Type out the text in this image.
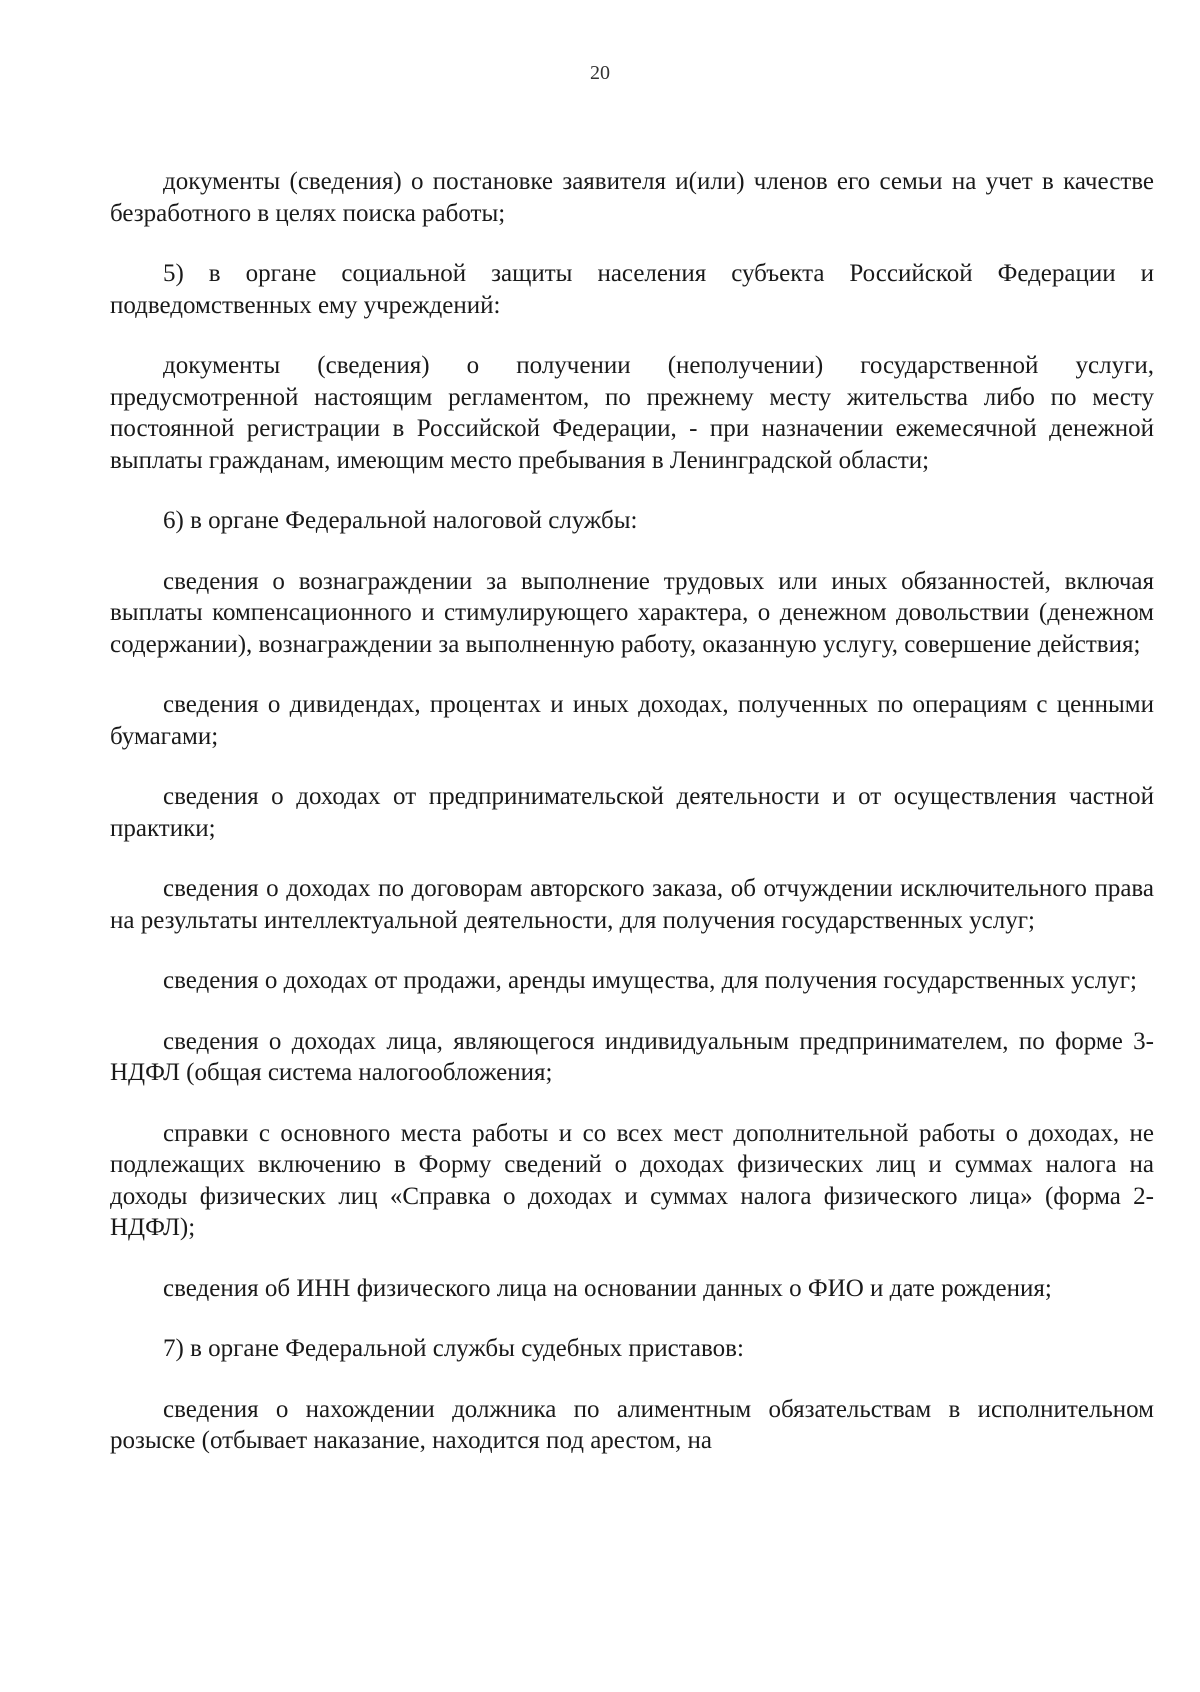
20

документы (сведения) о постановке заявителя и(или) членов его семьи на учет в качестве безработного в целях поиска работы;

5) в органе социальной защиты населения субъекта Российской Федерации и подведомственных ему учреждений:

документы (сведения) о получении (неполучении) государственной услуги, предусмотренной настоящим регламентом, по прежнему месту жительства либо по месту постоянной регистрации в Российской Федерации, - при назначении ежемесячной денежной выплаты гражданам, имеющим место пребывания в Ленинградской области;

6) в органе Федеральной налоговой службы:

сведения о вознаграждении за выполнение трудовых или иных обязанностей, включая выплаты компенсационного и стимулирующего характера, о денежном довольствии (денежном содержании), вознаграждении за выполненную работу, оказанную услугу, совершение действия;

сведения о дивидендах, процентах и иных доходах, полученных по операциям с ценными бумагами;

сведения о доходах от предпринимательской деятельности и от осуществления частной практики;

сведения о доходах по договорам авторского заказа, об отчуждении исключительного права на результаты интеллектуальной деятельности, для получения государственных услуг;

сведения о доходах от продажи, аренды имущества, для получения государственных услуг;

сведения о доходах лица, являющегося индивидуальным предпринимателем, по форме 3-НДФЛ (общая система налогообложения;

справки с основного места работы и со всех мест дополнительной работы о доходах, не подлежащих включению в Форму сведений о доходах физических лиц и суммах налога на доходы физических лиц «Справка о доходах и суммах налога физического лица» (форма 2-НДФЛ);

сведения об ИНН физического лица на основании данных о ФИО и дате рождения;

7) в органе Федеральной службы судебных приставов:

сведения о нахождении должника по алиментным обязательствам в исполнительном розыске (отбывает наказание, находится под арестом, на
